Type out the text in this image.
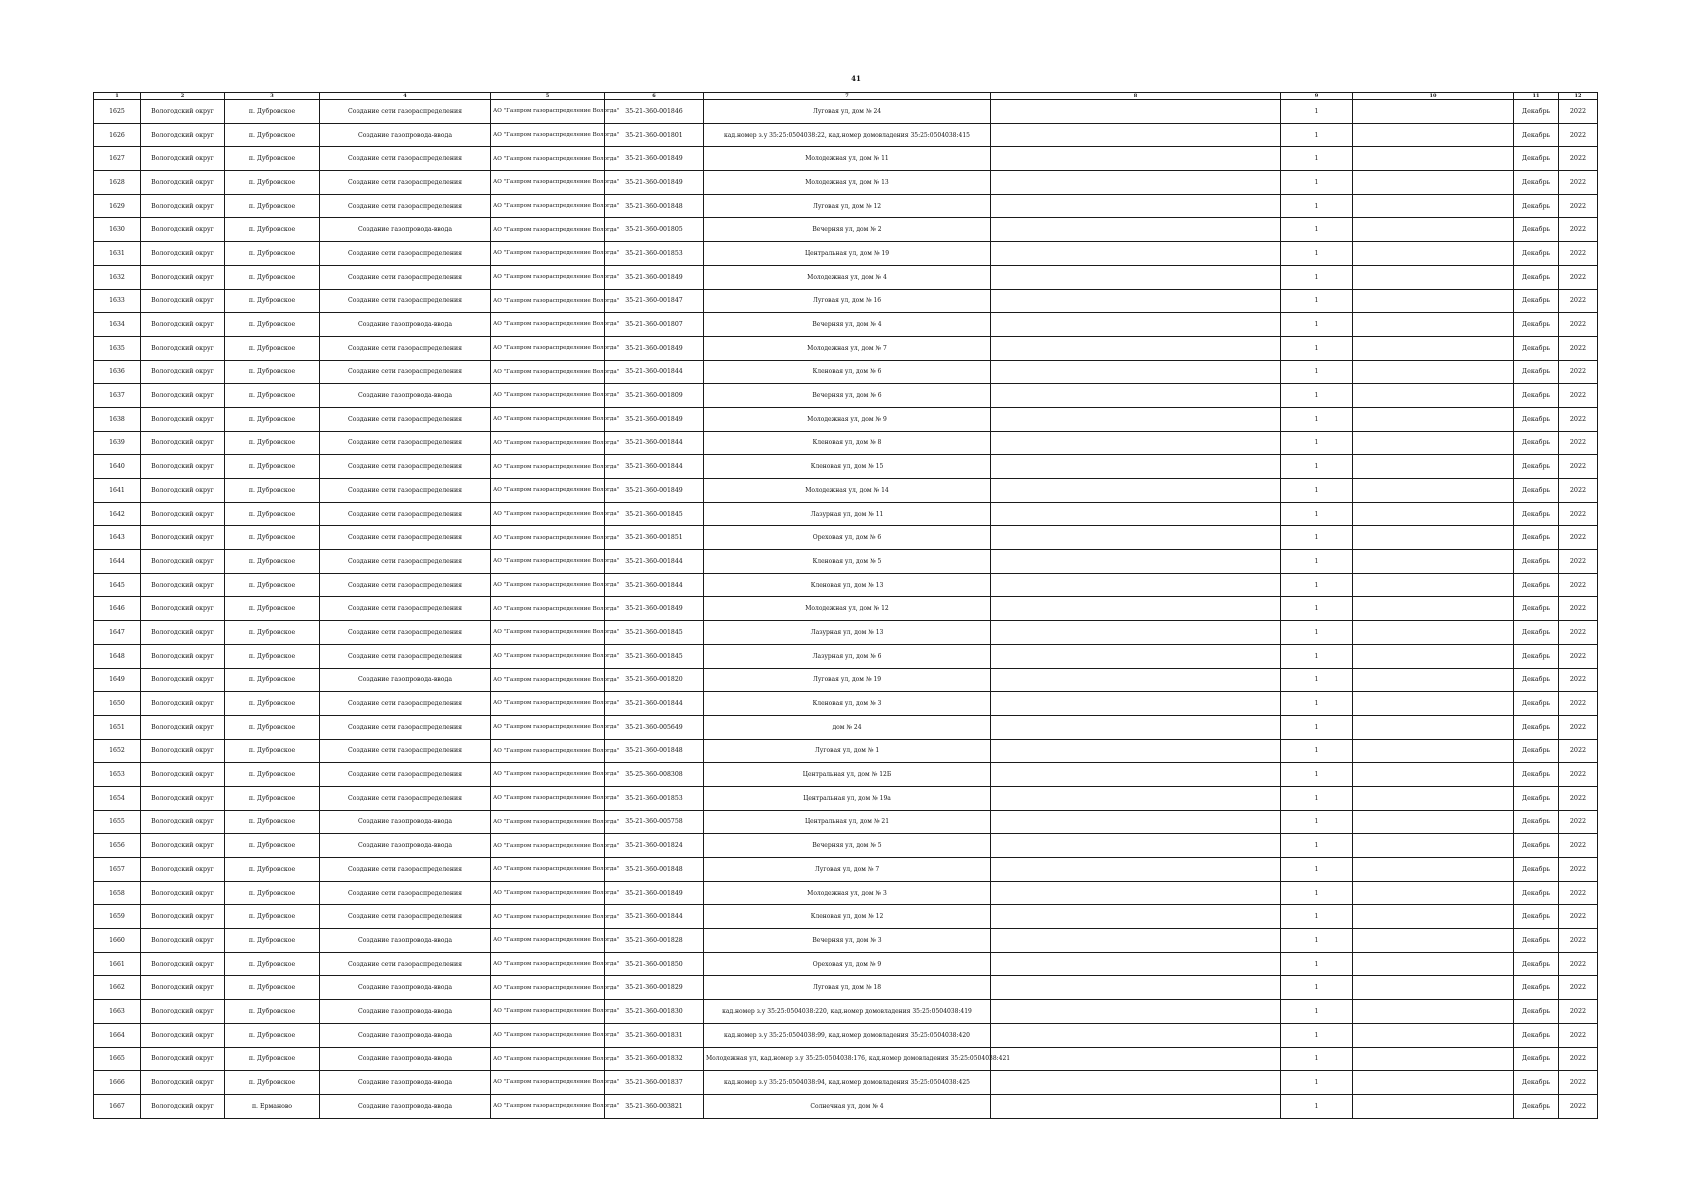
41
1	2	3	4	5	6	7	8	9	10	11	12
1625	Вологодский округ	п. Дубровское	Создание сети газораспределения	АО "Газпром газораспределение Вологда"	35-21-360-001846	Луговая ул, дом № 24		1		Декабрь	2022
1626	Вологодский округ	п. Дубровское	Создание газопровода-ввода	АО "Газпром газораспределение Вологда"	35-21-360-001801	кад.номер з.у 35:25:0504038:22, кад.номер домовладения 35:25:0504038:415		1		Декабрь	2022
1627	Вологодский округ	п. Дубровское	Создание сети газораспределения	АО "Газпром газораспределение Вологда"	35-21-360-001849	Молодежная ул, дом № 11		1		Декабрь	2022
1628	Вологодский округ	п. Дубровское	Создание сети газораспределения	АО "Газпром газораспределение Вологда"	35-21-360-001849	Молодежная ул, дом № 13		1		Декабрь	2022
1629	Вологодский округ	п. Дубровское	Создание сети газораспределения	АО "Газпром газораспределение Вологда"	35-21-360-001848	Луговая ул, дом № 12		1		Декабрь	2022
1630	Вологодский округ	п. Дубровское	Создание газопровода-ввода	АО "Газпром газораспределение Вологда"	35-21-360-001805	Вечерняя ул, дом № 2		1		Декабрь	2022
1631	Вологодский округ	п. Дубровское	Создание сети газораспределения	АО "Газпром газораспределение Вологда"	35-21-360-001853	Центральная ул, дом № 19		1		Декабрь	2022
1632	Вологодский округ	п. Дубровское	Создание сети газораспределения	АО "Газпром газораспределение Вологда"	35-21-360-001849	Молодежная ул, дом № 4		1		Декабрь	2022
1633	Вологодский округ	п. Дубровское	Создание сети газораспределения	АО "Газпром газораспределение Вологда"	35-21-360-001847	Луговая ул, дом № 16		1		Декабрь	2022
1634	Вологодский округ	п. Дубровское	Создание газопровода-ввода	АО "Газпром газораспределение Вологда"	35-21-360-001807	Вечерняя ул, дом № 4		1		Декабрь	2022
1635	Вологодский округ	п. Дубровское	Создание сети газораспределения	АО "Газпром газораспределение Вологда"	35-21-360-001849	Молодежная ул, дом № 7		1		Декабрь	2022
1636	Вологодский округ	п. Дубровское	Создание сети газораспределения	АО "Газпром газораспределение Вологда"	35-21-360-001844	Кленовая ул, дом № 6		1		Декабрь	2022
1637	Вологодский округ	п. Дубровское	Создание газопровода-ввода	АО "Газпром газораспределение Вологда"	35-21-360-001809	Вечерняя ул, дом № 6		1		Декабрь	2022
1638	Вологодский округ	п. Дубровское	Создание сети газораспределения	АО "Газпром газораспределение Вологда"	35-21-360-001849	Молодежная ул, дом № 9		1		Декабрь	2022
1639	Вологодский округ	п. Дубровское	Создание сети газораспределения	АО "Газпром газораспределение Вологда"	35-21-360-001844	Кленовая ул, дом № 8		1		Декабрь	2022
1640	Вологодский округ	п. Дубровское	Создание сети газораспределения	АО "Газпром газораспределение Вологда"	35-21-360-001844	Кленовая ул, дом № 15		1		Декабрь	2022
1641	Вологодский округ	п. Дубровское	Создание сети газораспределения	АО "Газпром газораспределение Вологда"	35-21-360-001849	Молодежная ул, дом № 14		1		Декабрь	2022
1642	Вологодский округ	п. Дубровское	Создание сети газораспределения	АО "Газпром газораспределение Вологда"	35-21-360-001845	Лазурная ул, дом № 11		1		Декабрь	2022
1643	Вологодский округ	п. Дубровское	Создание сети газораспределения	АО "Газпром газораспределение Вологда"	35-21-360-001851	Ореховая ул, дом № 6		1		Декабрь	2022
1644	Вологодский округ	п. Дубровское	Создание сети газораспределения	АО "Газпром газораспределение Вологда"	35-21-360-001844	Кленовая ул, дом № 5		1		Декабрь	2022
1645	Вологодский округ	п. Дубровское	Создание сети газораспределения	АО "Газпром газораспределение Вологда"	35-21-360-001844	Кленовая ул, дом № 13		1		Декабрь	2022
1646	Вологодский округ	п. Дубровское	Создание сети газораспределения	АО "Газпром газораспределение Вологда"	35-21-360-001849	Молодежная ул, дом № 12		1		Декабрь	2022
1647	Вологодский округ	п. Дубровское	Создание сети газораспределения	АО "Газпром газораспределение Вологда"	35-21-360-001845	Лазурная ул, дом № 13		1		Декабрь	2022
1648	Вологодский округ	п. Дубровское	Создание сети газораспределения	АО "Газпром газораспределение Вологда"	35-21-360-001845	Лазурная ул, дом № 6		1		Декабрь	2022
1649	Вологодский округ	п. Дубровское	Создание газопровода-ввода	АО "Газпром газораспределение Вологда"	35-21-360-001820	Луговая ул, дом № 19		1		Декабрь	2022
1650	Вологодский округ	п. Дубровское	Создание сети газораспределения	АО "Газпром газораспределение Вологда"	35-21-360-001844	Кленовая ул, дом № 3		1		Декабрь	2022
1651	Вологодский округ	п. Дубровское	Создание сети газораспределения	АО "Газпром газораспределение Вологда"	35-21-360-005649	дом № 24		1		Декабрь	2022
1652	Вологодский округ	п. Дубровское	Создание сети газораспределения	АО "Газпром газораспределение Вологда"	35-21-360-001848	Луговая ул, дом № 1		1		Декабрь	2022
1653	Вологодский округ	п. Дубровское	Создание сети газораспределения	АО "Газпром газораспределение Вологда"	35-25-360-008308	Центральная ул, дом № 12Б		1		Декабрь	2022
1654	Вологодский округ	п. Дубровское	Создание сети газораспределения	АО "Газпром газораспределение Вологда"	35-21-360-001853	Центральная ул, дом № 19а		1		Декабрь	2022
1655	Вологодский округ	п. Дубровское	Создание газопровода-ввода	АО "Газпром газораспределение Вологда"	35-21-360-005758	Центральная ул, дом № 21		1		Декабрь	2022
1656	Вологодский округ	п. Дубровское	Создание газопровода-ввода	АО "Газпром газораспределение Вологда"	35-21-360-001824	Вечерняя ул, дом № 5		1		Декабрь	2022
1657	Вологодский округ	п. Дубровское	Создание сети газораспределения	АО "Газпром газораспределение Вологда"	35-21-360-001848	Луговая ул, дом № 7		1		Декабрь	2022
1658	Вологодский округ	п. Дубровское	Создание сети газораспределения	АО "Газпром газораспределение Вологда"	35-21-360-001849	Молодежная ул, дом № 3		1		Декабрь	2022
1659	Вологодский округ	п. Дубровское	Создание сети газораспределения	АО "Газпром газораспределение Вологда"	35-21-360-001844	Кленовая ул, дом № 12		1		Декабрь	2022
1660	Вологодский округ	п. Дубровское	Создание газопровода-ввода	АО "Газпром газораспределение Вологда"	35-21-360-001828	Вечерняя ул, дом № 3		1		Декабрь	2022
1661	Вологодский округ	п. Дубровское	Создание сети газораспределения	АО "Газпром газораспределение Вологда"	35-21-360-001850	Ореховая ул, дом № 9		1		Декабрь	2022
1662	Вологодский округ	п. Дубровское	Создание газопровода-ввода	АО "Газпром газораспределение Вологда"	35-21-360-001829	Луговая ул, дом № 18		1		Декабрь	2022
1663	Вологодский округ	п. Дубровское	Создание газопровода-ввода	АО "Газпром газораспределение Вологда"	35-21-360-001830	кад.номер з.у 35:25:0504038:220, кад.номер домовладения 35:25:0504038:419		1		Декабрь	2022
1664	Вологодский округ	п. Дубровское	Создание газопровода-ввода	АО "Газпром газораспределение Вологда"	35-21-360-001831	кад.номер з.у 35:25:0504038:99, кад.номер домовладения 35:25:0504038:420		1		Декабрь	2022
1665	Вологодский округ	п. Дубровское	Создание газопровода-ввода	АО "Газпром газораспределение Вологда"	35-21-360-001832	Молодежная ул, кад.номер з.у 35:25:0504038:176, кад.номер домовладения 35:25:0504038:421		1		Декабрь	2022
1666	Вологодский округ	п. Дубровское	Создание газопровода-ввода	АО "Газпром газораспределение Вологда"	35-21-360-001837	кад.номер з.у 35:25:0504038:94, кад.номер домовладения 35:25:0504038:425		1		Декабрь	2022
1667	Вологодский округ	п. Ерманово	Создание газопровода-ввода	АО "Газпром газораспределение Вологда"	35-21-360-003821	Солнечная ул, дом № 4		1		Декабрь	2022
